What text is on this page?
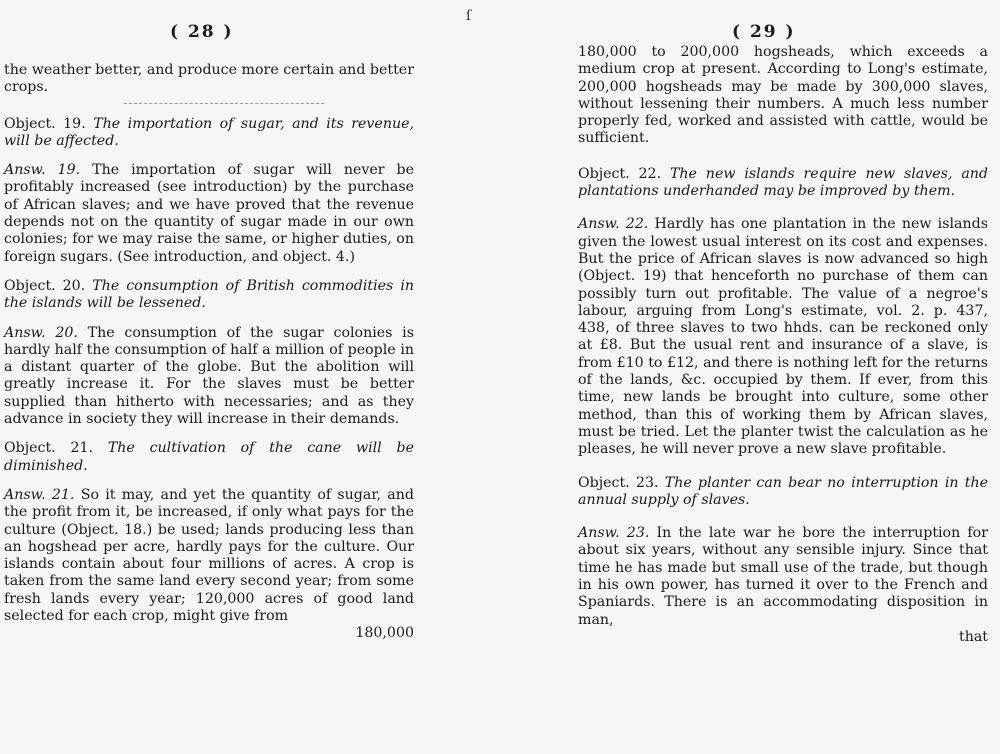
ſ
( 28 )

the weather better, and produce more certain and better crops.

Object. 19. The importation of sugar, and its revenue, will be affected.

Answ. 19. The importation of sugar will never be profitably increased (see introduction) by the purchase of African slaves; and we have proved that the revenue depends not on the quantity of sugar made in our own colonies; for we may raise the same, or higher duties, on foreign sugars. (See introduction, and object. 4.)

Object. 20. The consumption of British commodities in the islands will be lessened.

Answ. 20. The consumption of the sugar colonies is hardly half the consumption of half a million of people in a distant quarter of the globe. But the abolition will greatly increase it. For the slaves must be better supplied than hitherto with necessaries; and as they advance in society they will increase in their demands.

Object. 21. The cultivation of the cane will be diminished.

Answ. 21. So it may, and yet the quantity of sugar, and the profit from it, be increased, if only what pays for the culture (Object. 18.) be used; lands producing less than an hogshead per acre, hardly pays for the culture. Our islands contain about four millions of acres. A crop is taken from the same land every second year; from some fresh lands every year; 120,000 acres of good land selected for each crop, might give from

180,000
( 29 )

180,000 to 200,000 hogsheads, which exceeds a medium crop at present. According to Long's estimate, 200,000 hogsheads may be made by 300,000 slaves, without lessening their numbers. A much less number properly fed, worked and assisted with cattle, would be sufficient.

Object. 22. The new islands require new slaves, and plantations underhanded may be improved by them.

Answ. 22. Hardly has one plantation in the new islands given the lowest usual interest on its cost and expenses. But the price of African slaves is now advanced so high (Object. 19) that henceforth no purchase of them can possibly turn out profitable. The value of a negroe's labour, arguing from Long's estimate, vol. 2. p. 437, 438, of three slaves to two hhds. can be reckoned only at £8. But the usual rent and insurance of a slave, is from £10 to £12, and there is nothing left for the returns of the lands, &c. occupied by them. If ever, from this time, new lands be brought into culture, some other method, than this of working them by African slaves, must be tried. Let the planter twist the calculation as he pleases, he will never prove a new slave profitable.

Object. 23. The planter can bear no interruption in the annual supply of slaves.

Answ. 23. In the late war he bore the interruption for about six years, without any sensible injury. Since that time he has made but small use of the trade, but though in his own power, has turned it over to the French and Spaniards. There is an accommodating disposition in man,

that
